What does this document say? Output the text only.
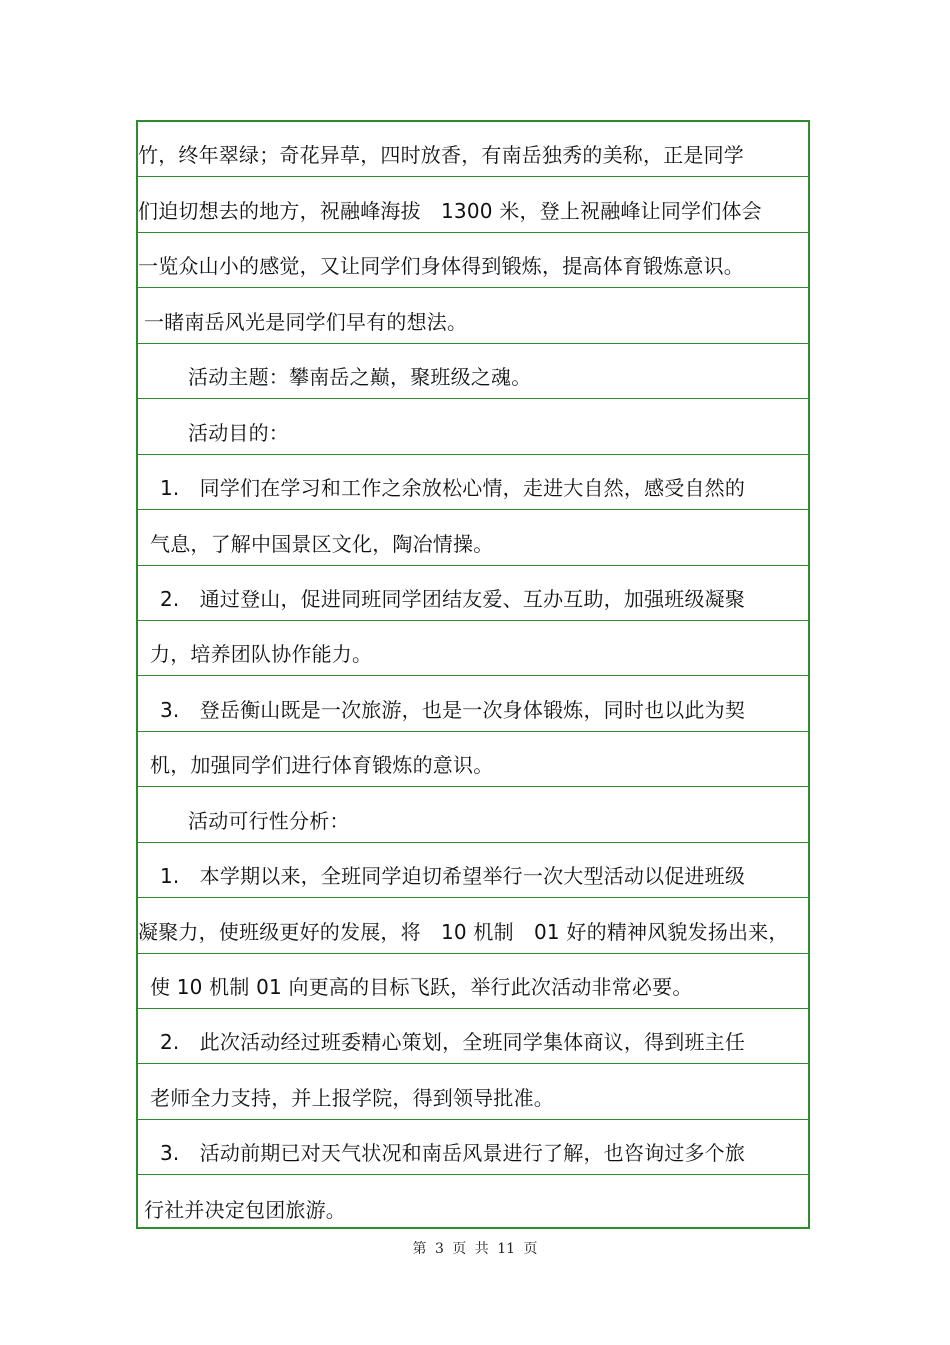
竹，终年翠绿；奇花异草，四时放香，有南岳独秀的美称，正是同学
们迫切想去的地方，祝融峰海拔　1300 米，登上祝融峰让同学们体会
一览众山小的感觉，又让同学们身体得到锻炼，提高体育锻炼意识。
一睹南岳风光是同学们早有的想法。
活动主题：攀南岳之巅，聚班级之魂。
活动目的：
1.　同学们在学习和工作之余放松心情，走进大自然，感受自然的
气息，了解中国景区文化，陶冶情操。
2.　通过登山，促进同班同学团结友爱、互办互助，加强班级凝聚
力，培养团队协作能力。
3.　登岳衡山既是一次旅游，也是一次身体锻炼，同时也以此为契
机，加强同学们进行体育锻炼的意识。
活动可行性分析：
1.　本学期以来，全班同学迫切希望举行一次大型活动以促进班级
凝聚力，使班级更好的发展，将　10 机制　01 好的精神风貌发扬出来，
使 10 机制 01 向更高的目标飞跃，举行此次活动非常必要。
2.　此次活动经过班委精心策划，全班同学集体商议，得到班主任
老师全力支持，并上报学院，得到领导批准。
3.　活动前期已对天气状况和南岳风景进行了解，也咨询过多个旅
行社并决定包团旅游。
第 3 页 共 11 页
